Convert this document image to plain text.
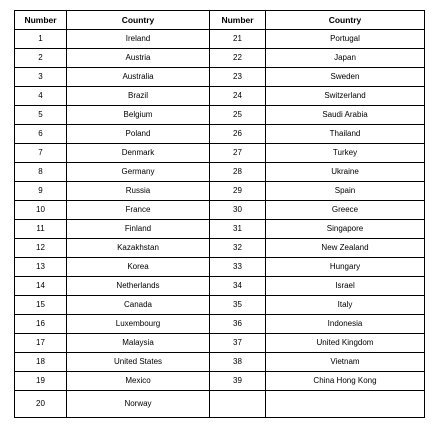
Number	Country	Number	Country
1	Ireland	21	Portugal
2	Austria	22	Japan
3	Australia	23	Sweden
4	Brazil	24	Switzerland
5	Belgium	25	Saudi Arabia
6	Poland	26	Thailand
7	Denmark	27	Turkey
8	Germany	28	Ukraine
9	Russia	29	Spain
10	France	30	Greece
11	Finland	31	Singapore
12	Kazakhstan	32	New Zealand
13	Korea	33	Hungary
14	Netherlands	34	Israel
15	Canada	35	Italy
16	Luxembourg	36	Indonesia
17	Malaysia	37	United Kingdom
18	United States	38	Vietnam
19	Mexico	39	China Hong Kong
20	Norway		
